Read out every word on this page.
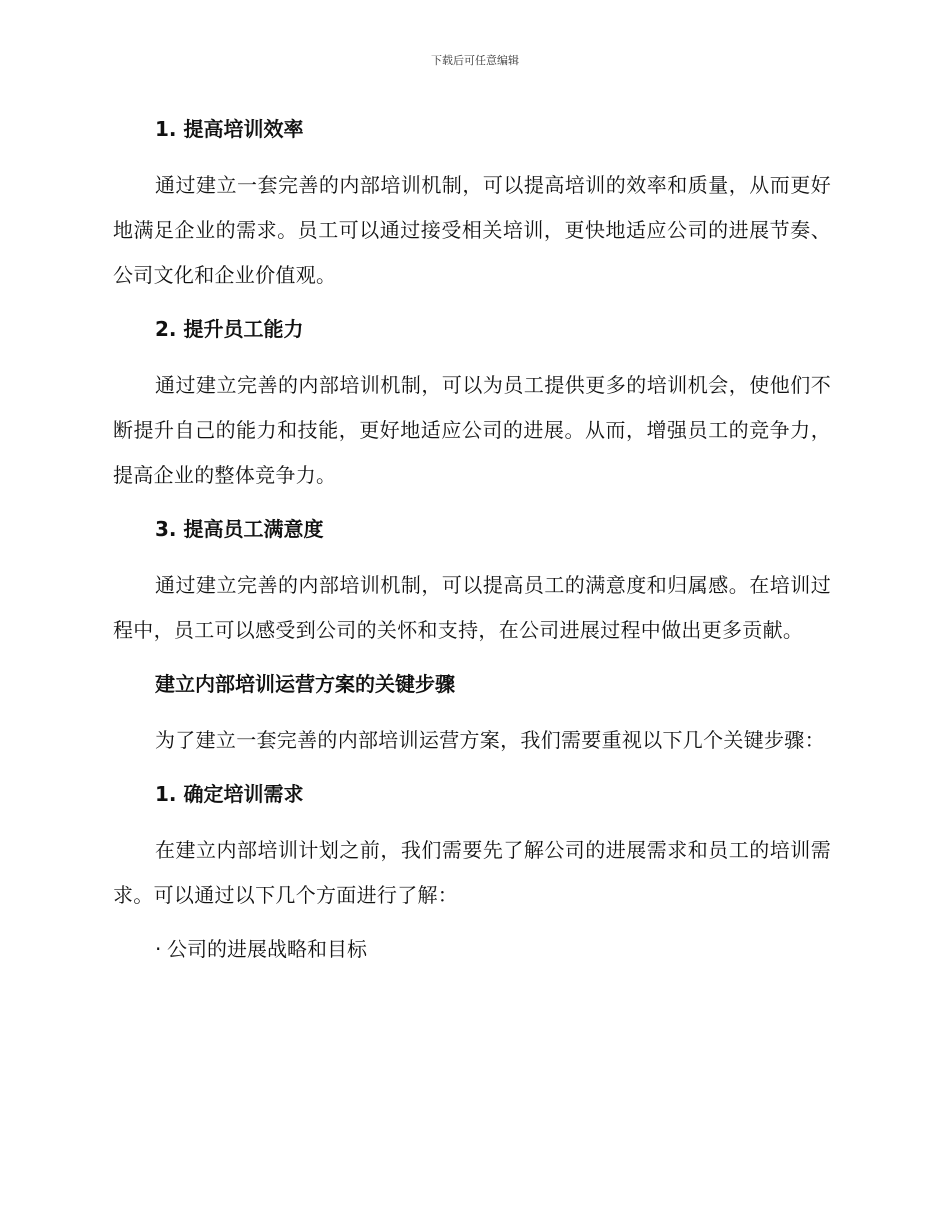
下载后可任意编辑
1. 提高培训效率

通过建立一套完善的内部培训机制，可以提高培训的效率和质量，从而更好地满足企业的需求。员工可以通过接受相关培训，更快地适应公司的进展节奏、公司文化和企业价值观。

2. 提升员工能力

通过建立完善的内部培训机制，可以为员工提供更多的培训机会，使他们不断提升自己的能力和技能，更好地适应公司的进展。从而，增强员工的竞争力，提高企业的整体竞争力。

3. 提高员工满意度

通过建立完善的内部培训机制，可以提高员工的满意度和归属感。在培训过程中，员工可以感受到公司的关怀和支持，在公司进展过程中做出更多贡献。

建立内部培训运营方案的关键步骤

为了建立一套完善的内部培训运营方案，我们需要重视以下几个关键步骤：

1. 确定培训需求

在建立内部培训计划之前，我们需要先了解公司的进展需求和员工的培训需求。可以通过以下几个方面进行了解：

· 公司的进展战略和目标
